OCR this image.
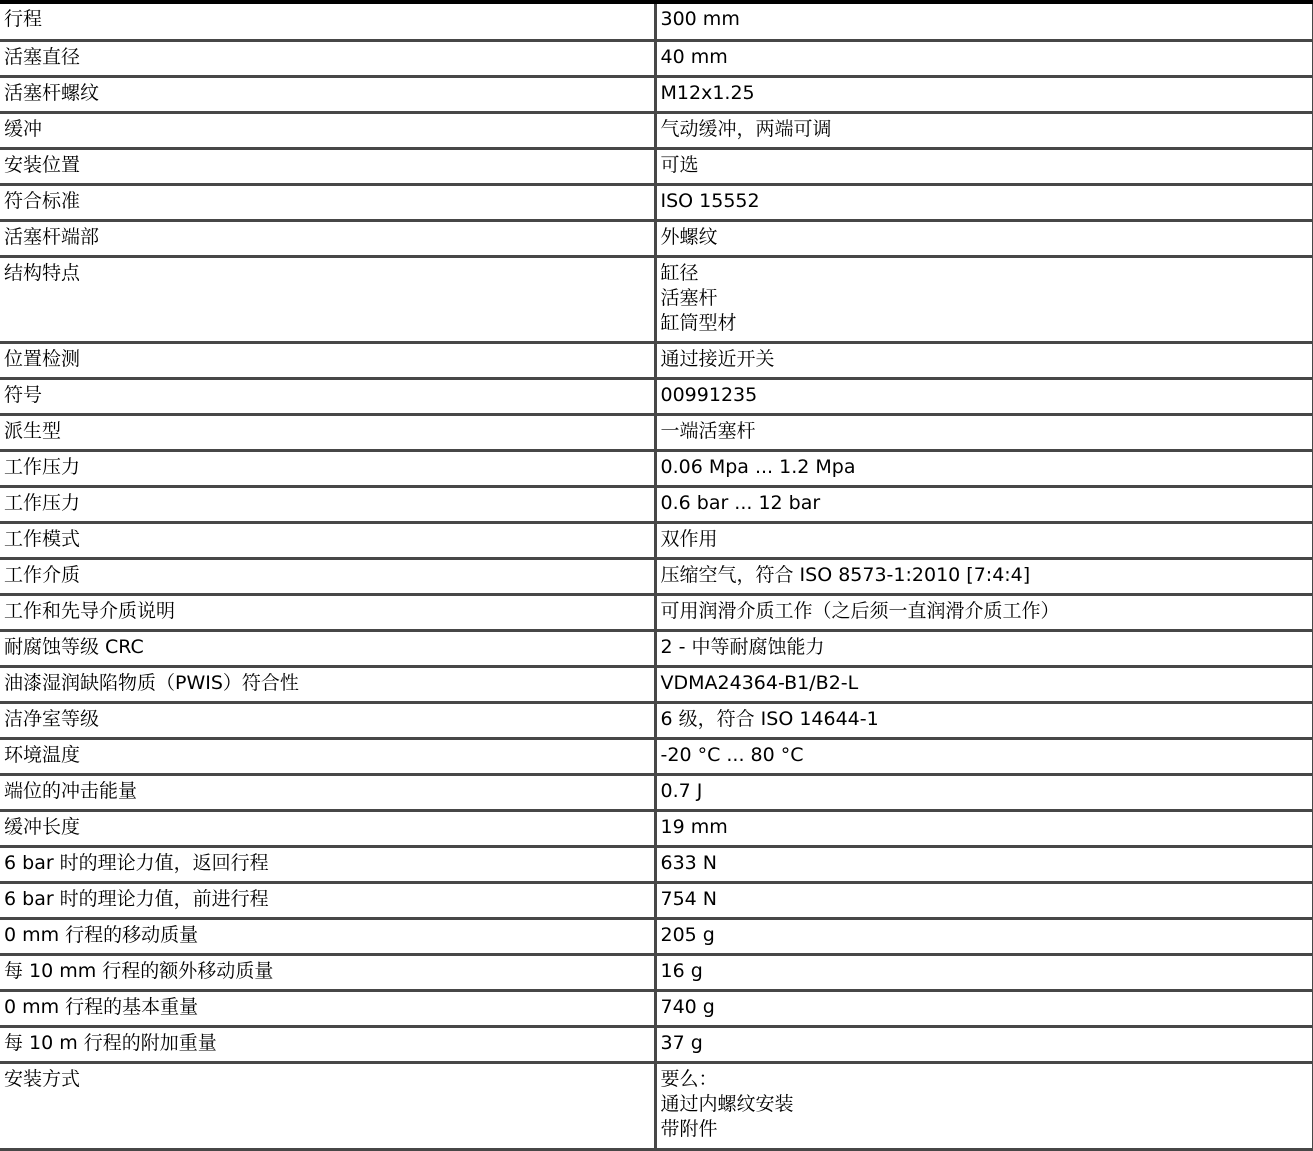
行程	300 mm

活塞直径	40 mm

活塞杆螺纹	M12x1.25

缓冲	气动缓冲，两端可调

安装位置	可选

符合标准	ISO 15552

活塞杆端部	外螺纹

结构特点	缸径
活塞杆
缸筒型材

位置检测	通过接近开关

符号	00991235

派生型	一端活塞杆

工作压力	0.06 Mpa ... 1.2 Mpa

工作压力	0.6 bar ... 12 bar

工作模式	双作用

工作介质	压缩空气，符合 ISO 8573-1:2010 [7:4:4]

工作和先导介质说明	可用润滑介质工作（之后须一直润滑介质工作）

耐腐蚀等级 CRC	2 - 中等耐腐蚀能力

油漆湿润缺陷物质（PWIS）符合性	VDMA24364-B1/B2-L

洁净室等级	6 级，符合 ISO 14644-1

环境温度	-20 °C ... 80 °C

端位的冲击能量	0.7 J

缓冲长度	19 mm

6 bar 时的理论力值，返回行程	633 N

6 bar 时的理论力值，前进行程	754 N

0 mm 行程的移动质量	205 g

每 10 mm 行程的额外移动质量	16 g

0 mm 行程的基本重量	740 g

每 10 m 行程的附加重量	37 g

安装方式	要么：
通过内螺纹安装
带附件
